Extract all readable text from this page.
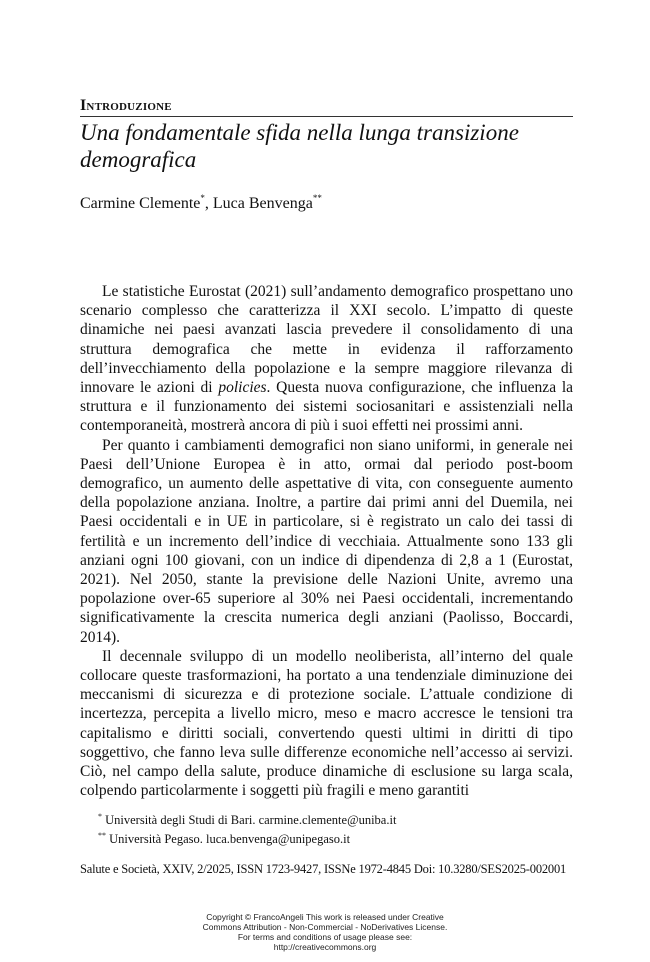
Introduzione
Una fondamentale sfida nella lunga transizione demografica
Carmine Clemente*, Luca Benvenga**

Le statistiche Eurostat (2021) sull’andamento demografico prospettano uno scenario complesso che caratterizza il XXI secolo. L’impatto di queste dinamiche nei paesi avanzati lascia prevedere il consolidamento di una struttura demografica che mette in evidenza il rafforzamento dell’invecchiamento della popolazione e la sempre maggiore rilevanza di innovare le azioni di policies. Questa nuova configurazione, che influenza la struttura e il funzionamento dei sistemi sociosanitari e assistenziali nella contemporaneità, mostrerà ancora di più i suoi effetti nei prossimi anni.

Per quanto i cambiamenti demografici non siano uniformi, in generale nei Paesi dell’Unione Europea è in atto, ormai dal periodo post-boom demografico, un aumento delle aspettative di vita, con conseguente aumento della popolazione anziana. Inoltre, a partire dai primi anni del Duemila, nei Paesi occidentali e in UE in particolare, si è registrato un calo dei tassi di fertilità e un incremento dell’indice di vecchiaia. Attualmente sono 133 gli anziani ogni 100 giovani, con un indice di dipendenza di 2,8 a 1 (Eurostat, 2021). Nel 2050, stante la previsione delle Nazioni Unite, avremo una popolazione over-65 superiore al 30% nei Paesi occidentali, incrementando significativamente la crescita numerica degli anziani (Paolisso, Boccardi, 2014).

Il decennale sviluppo di un modello neoliberista, all’interno del quale collocare queste trasformazioni, ha portato a una tendenziale diminuzione dei meccanismi di sicurezza e di protezione sociale. L’attuale condizione di incertezza, percepita a livello micro, meso e macro accresce le tensioni tra capitalismo e diritti sociali, convertendo questi ultimi in diritti di tipo soggettivo, che fanno leva sulle differenze economiche nell’accesso ai servizi. Ciò, nel campo della salute, produce dinamiche di esclusione su larga scala, colpendo particolarmente i soggetti più fragili e meno garantiti

* Università degli Studi di Bari. carmine.clemente@uniba.it
** Università Pegaso. luca.benvenga@unipegaso.it
Salute e Società, XXIV, 2/2025, ISSN 1723-9427, ISSNe 1972-4845 Doi: 10.3280/SES2025-002001
Copyright © FrancoAngeli This work is released under Creative
Commons Attribution - Non-Commercial - NoDerivatives License.
For terms and conditions of usage please see:
http://creativecommons.org
